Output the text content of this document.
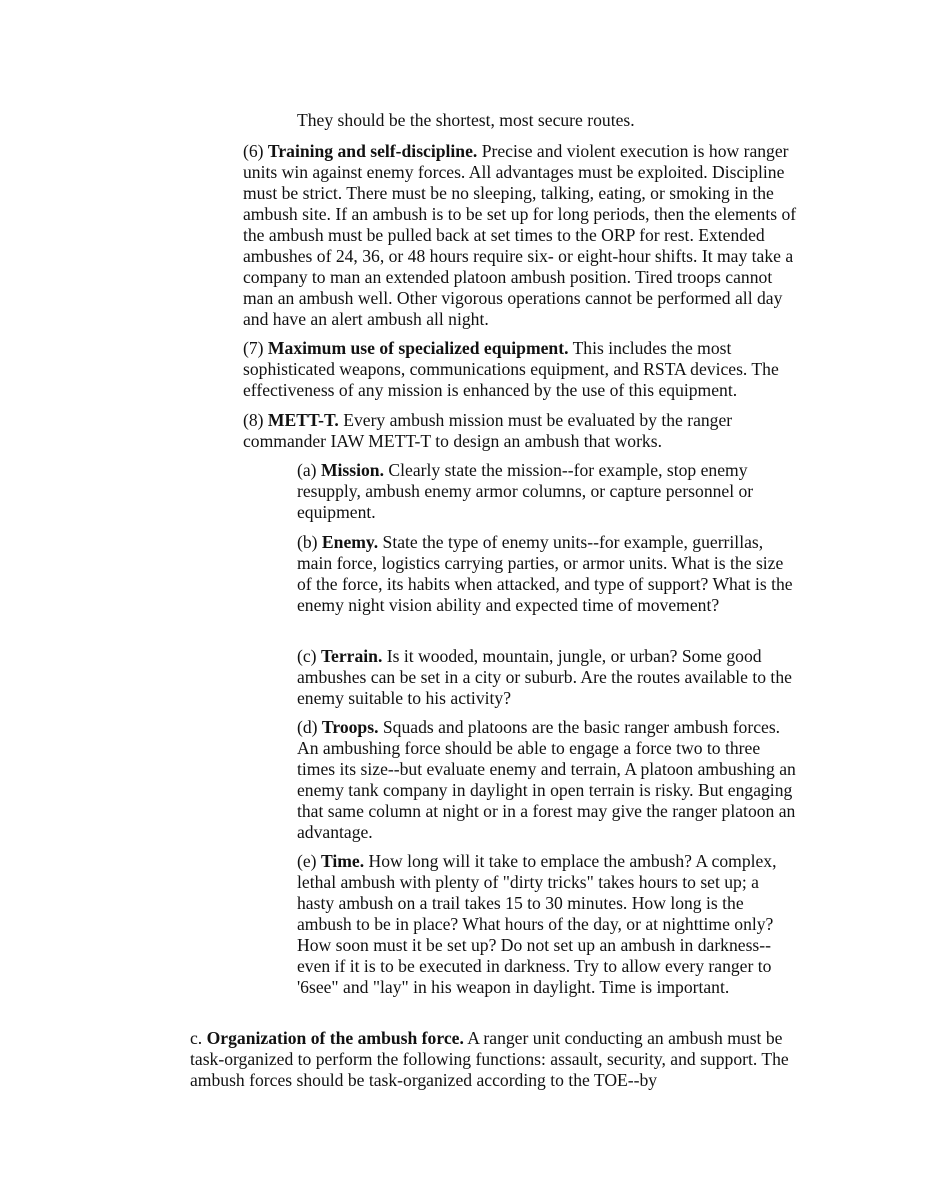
They should be the shortest, most secure routes.

(6) Training and self-discipline. Precise and violent execution is how ranger units win against enemy forces. All advantages must be exploited. Discipline must be strict. There must be no sleeping, talking, eating, or smoking in the ambush site. If an ambush is to be set up for long periods, then the elements of the ambush must be pulled back at set times to the ORP for rest. Extended ambushes of 24, 36, or 48 hours require six- or eight-hour shifts. It may take a company to man an extended platoon ambush position. Tired troops cannot man an ambush well. Other vigorous operations cannot be performed all day and have an alert ambush all night.

(7) Maximum use of specialized equipment. This includes the most sophisticated weapons, communications equipment, and RSTA devices. The effectiveness of any mission is enhanced by the use of this equipment.

(8) METT-T. Every ambush mission must be evaluated by the ranger commander IAW METT-T to design an ambush that works.

(a) Mission. Clearly state the mission--for example, stop enemy resupply, ambush enemy armor columns, or capture personnel or equipment.

(b) Enemy. State the type of enemy units--for example, guerrillas, main force, logistics carrying parties, or armor units. What is the size of the force, its habits when attacked, and type of support? What is the enemy night vision ability and expected time of movement?

(c) Terrain. Is it wooded, mountain, jungle, or urban? Some good ambushes can be set in a city or suburb. Are the routes available to the enemy suitable to his activity?

(d) Troops. Squads and platoons are the basic ranger ambush forces. An ambushing force should be able to engage a force two to three times its size--but evaluate enemy and terrain, A platoon ambushing an enemy tank company in daylight in open terrain is risky. But engaging that same column at night or in a forest may give the ranger platoon an advantage.

(e) Time. How long will it take to emplace the ambush? A complex, lethal ambush with plenty of "dirty tricks" takes hours to set up; a hasty ambush on a trail takes 15 to 30 minutes. How long is the ambush to be in place? What hours of the day, or at nighttime only? How soon must it be set up? Do not set up an ambush in darkness--even if it is to be executed in darkness. Try to allow every ranger to '6see" and "lay" in his weapon in daylight. Time is important.

c. Organization of the ambush force. A ranger unit conducting an ambush must be task-organized to perform the following functions: assault, security, and support. The ambush forces should be task-organized according to the TOE--by
